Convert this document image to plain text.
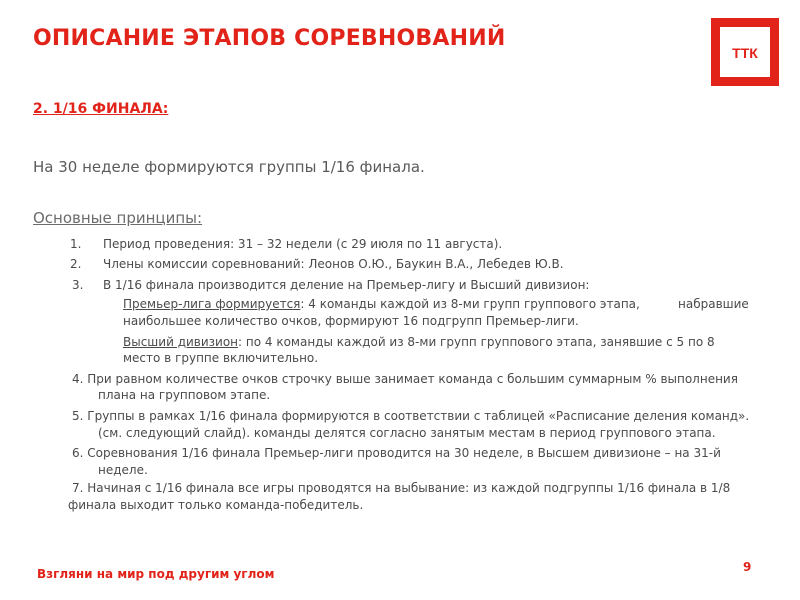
ОПИСАНИЕ ЭТАПОВ СОРЕВНОВАНИЙ
ТТК
2. 1/16 ФИНАЛА:
На 30 неделе формируются группы 1/16 финала.
Основные принципы:
1. Период проведения: 31 – 32 недели (с 29 июля по 11 августа).
2. Члены комиссии соревнований: Леонов О.Ю., Баукин В.А., Лебедев Ю.В.
3. В 1/16 финала производится деление на Премьер-лигу и Высший дивизион:
Премьер-лига формируется: 4 команды каждой из 8-ми групп группового этапа,	набравшие
наибольшее количество очков, формируют 16 подгрупп Премьер-лиги.
Высший дивизион: по 4 команды каждой из 8-ми групп группового этапа, занявшие с 5 по 8
место в группе включительно.
4. При равном количестве очков строчку выше занимает команда с большим суммарным % выполнения
плана на групповом этапе.
5. Группы в рамках 1/16 финала формируются в соответствии с таблицей «Расписание деления команд».
(см. следующий слайд). команды делятся согласно занятым местам в период группового этапа.
6. Соревнования 1/16 финала Премьер-лиги проводится на 30 неделе, в Высшем дивизионе – на 31-й
неделе.
7. Начиная с 1/16 финала все игры проводятся на выбывание: из каждой подгруппы 1/16 финала в 1/8
финала выходит только команда-победитель.
Взгляни на мир под другим углом	9
